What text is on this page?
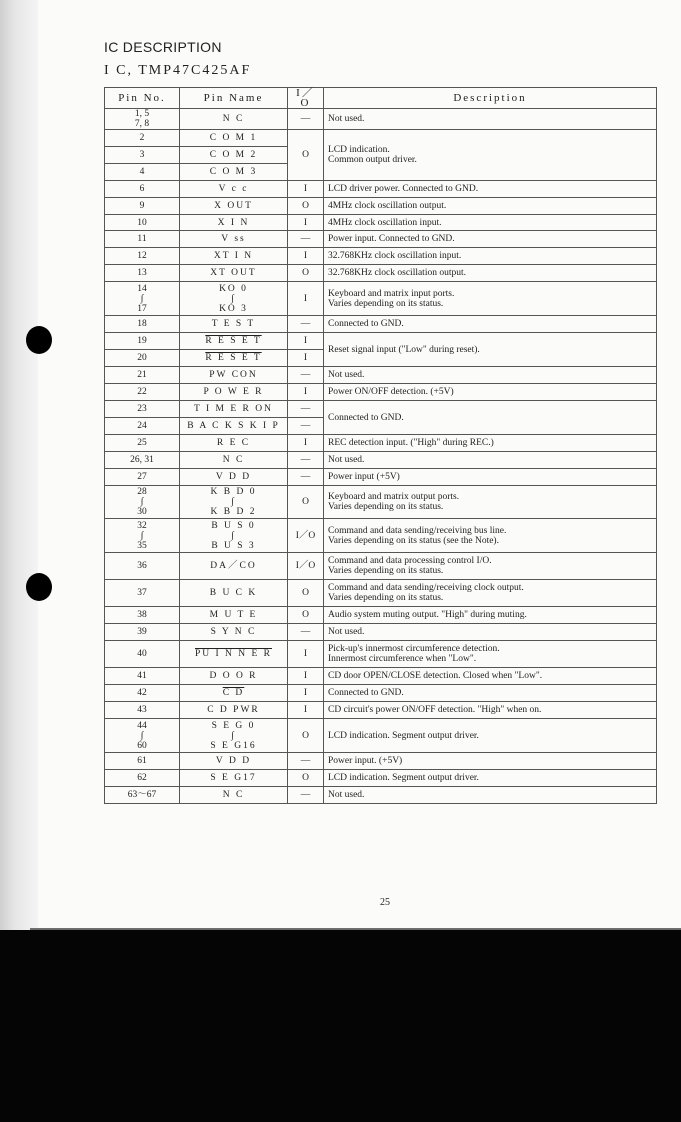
IC DESCRIPTION
I C, TMP47C425AF
Pin No.	Pin Name	I／O	Description
1, 5
7, 8	N C	—	Not used.
2	C O M 1	O	LCD indication.
Common output driver.
3	C O M 2		
4	C O M 3		
6	V c c	I	LCD driver power. Connected to GND.
9	X OUT	O	4MHz clock oscillation output.
10	X I N	I	4MHz clock oscillation input.
11	V ss	—	Power input. Connected to GND.
12	XT I N	I	32.768KHz clock oscillation input.
13	XT OUT	O	32.768KHz clock oscillation output.
14
∫
17	KO 0
∫
KO 3	I	Keyboard and matrix input ports.
Varies depending on its status.
18	T E S T	—	Connected to GND.
19	R E S E T	I	Reset signal input ("Low" during reset).
20	R E S E T	I	
21	PW CON	—	Not used.
22	P O W E R	I	Power ON/OFF detection. (+5V)
23	T I M E R ON	—	Connected to GND.
24	B A C K S K I P	—	
25	R E C	I	REC detection input. ("High" during REC.)
26, 31	N C	—	Not used.
27	V D D	—	Power input (+5V)
28
∫
30	K B D 0
∫
K B D 2	O	Keyboard and matrix output ports.
Varies depending on its status.
32
∫
35	B U S 0
∫
B U S 3	I／O	Command and data sending/receiving bus line.
Varies depending on its status (see the Note).
36	DA／CO	I／O	Command and data processing control I/O.
Varies depending on its status.
37	B U C K	O	Command and data sending/receiving clock output.
Varies depending on its status.
38	M U T E	O	Audio system muting output. "High" during muting.
39	S Y N C	—	Not used.
40	PU I N N E R	I	Pick-up's innermost circumference detection.
Innermost circumference when "Low".
41	D O O R	I	CD door OPEN/CLOSE detection. Closed when "Low".
42	C D	I	Connected to GND.
43	C D PWR	I	CD circuit's power ON/OFF detection. "High" when on.
44
∫
60	S E G 0
∫
S E G16	O	LCD indication. Segment output driver.
61	V D D	—	Power input. (+5V)
62	S E G17	O	LCD indication. Segment output driver.
63〜67	N C	—	Not used.
25
